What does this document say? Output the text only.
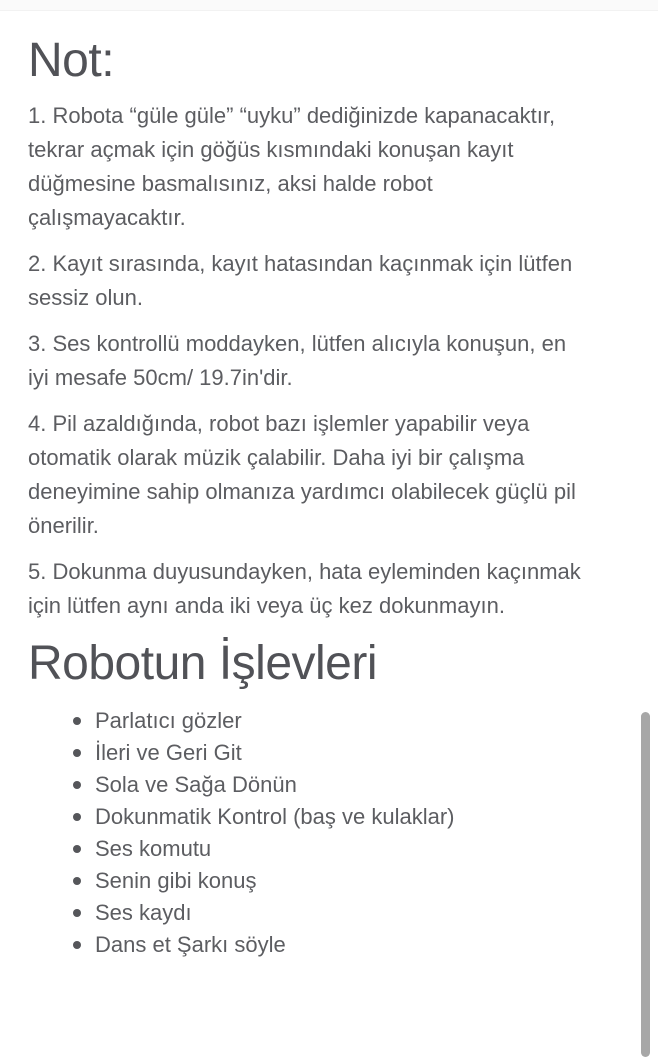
Not:

1. Robota “güle güle” “uyku” dediğinizde kapanacaktır,
tekrar açmak için göğüs kısmındaki konuşan kayıt
düğmesine basmalısınız, aksi halde robot
çalışmayacaktır.

2. Kayıt sırasında, kayıt hatasından kaçınmak için lütfen
sessiz olun.

3. Ses kontrollü moddayken, lütfen alıcıyla konuşun, en
iyi mesafe 50cm/ 19.7in'dir.

4. Pil azaldığında, robot bazı işlemler yapabilir veya
otomatik olarak müzik çalabilir. Daha iyi bir çalışma
deneyimine sahip olmanıza yardımcı olabilecek güçlü pil
önerilir.

5. Dokunma duyusundayken, hata eyleminden kaçınmak
için lütfen aynı anda iki veya üç kez dokunmayın.

Robotun İşlevleri
Parlatıcı gözler
İleri ve Geri Git
Sola ve Sağa Dönün
Dokunmatik Kontrol (baş ve kulaklar)
Ses komutu
Senin gibi konuş
Ses kaydı
Dans et Şarkı söyle
